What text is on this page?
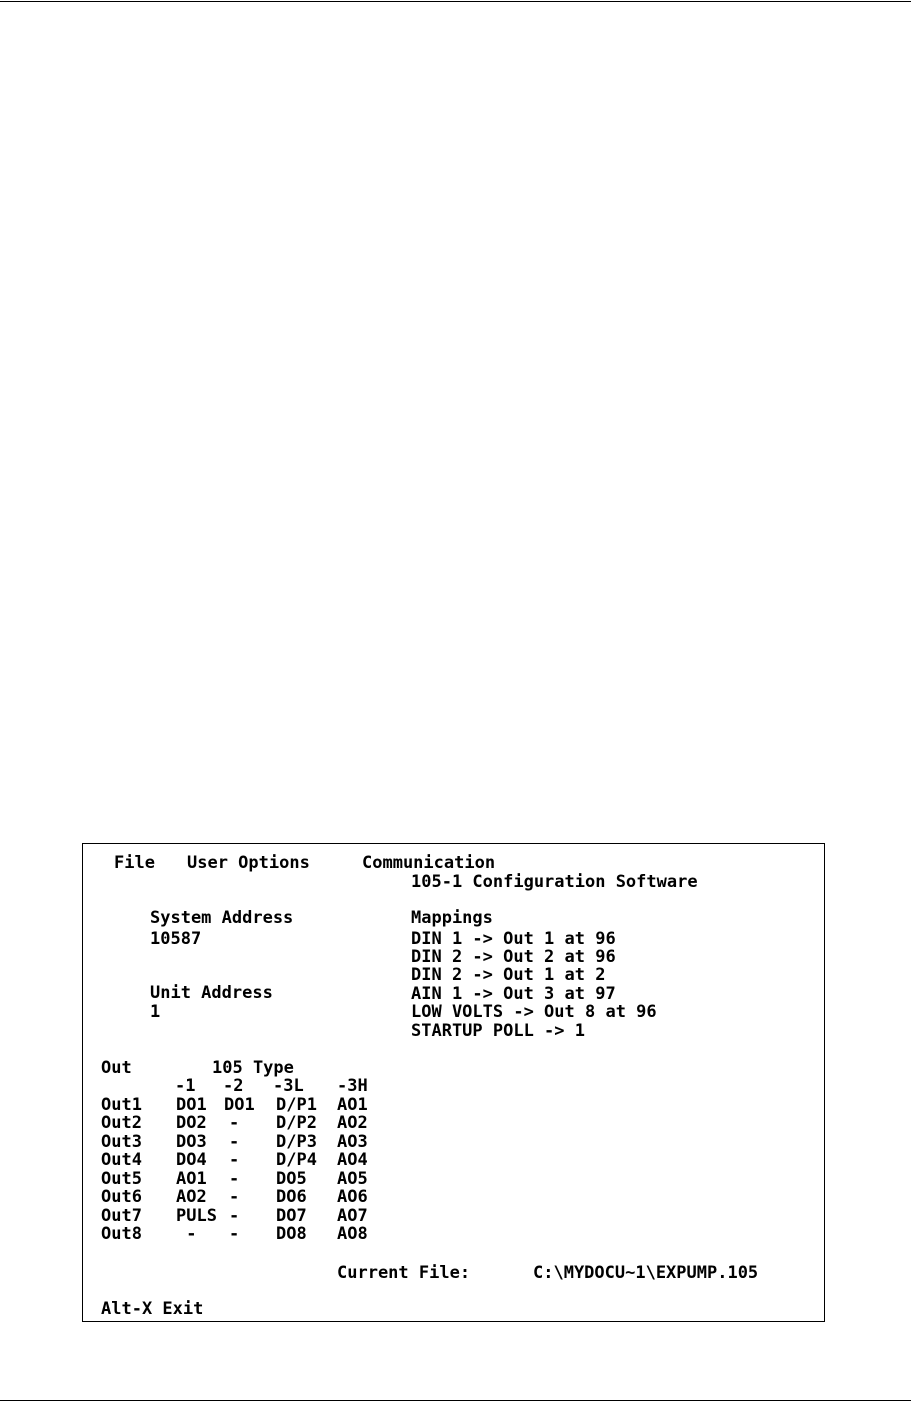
File User Options	Communication
105-1 Configuration Software
System Address
10587
Unit Address
1
Mappings
DIN 1 -> Out 1 at 96
DIN 2 -> Out 2 at 96
DIN 2 -> Out 1 at 2
AIN 1 -> Out 3 at 97
LOW VOLTS -> Out 8 at 96
STARTUP POLL -> 1
Out	105 Type
-1 -2 -3L -3H
Out1 DO1 DO1 D/P1 AO1
Out2 DO2 - D/P2 AO2
Out3 DO3 - D/P3 AO3
Out4 DO4 - D/P4 AO4
Out5 AO1 - DO5 AO5
Out6 AO2 - DO6 AO6
Out7 PULS - DO7 AO7
Out8 - - DO8 AO8
Current File:	C:\MYDOCU~1\EXPUMP.105
Alt-X Exit
